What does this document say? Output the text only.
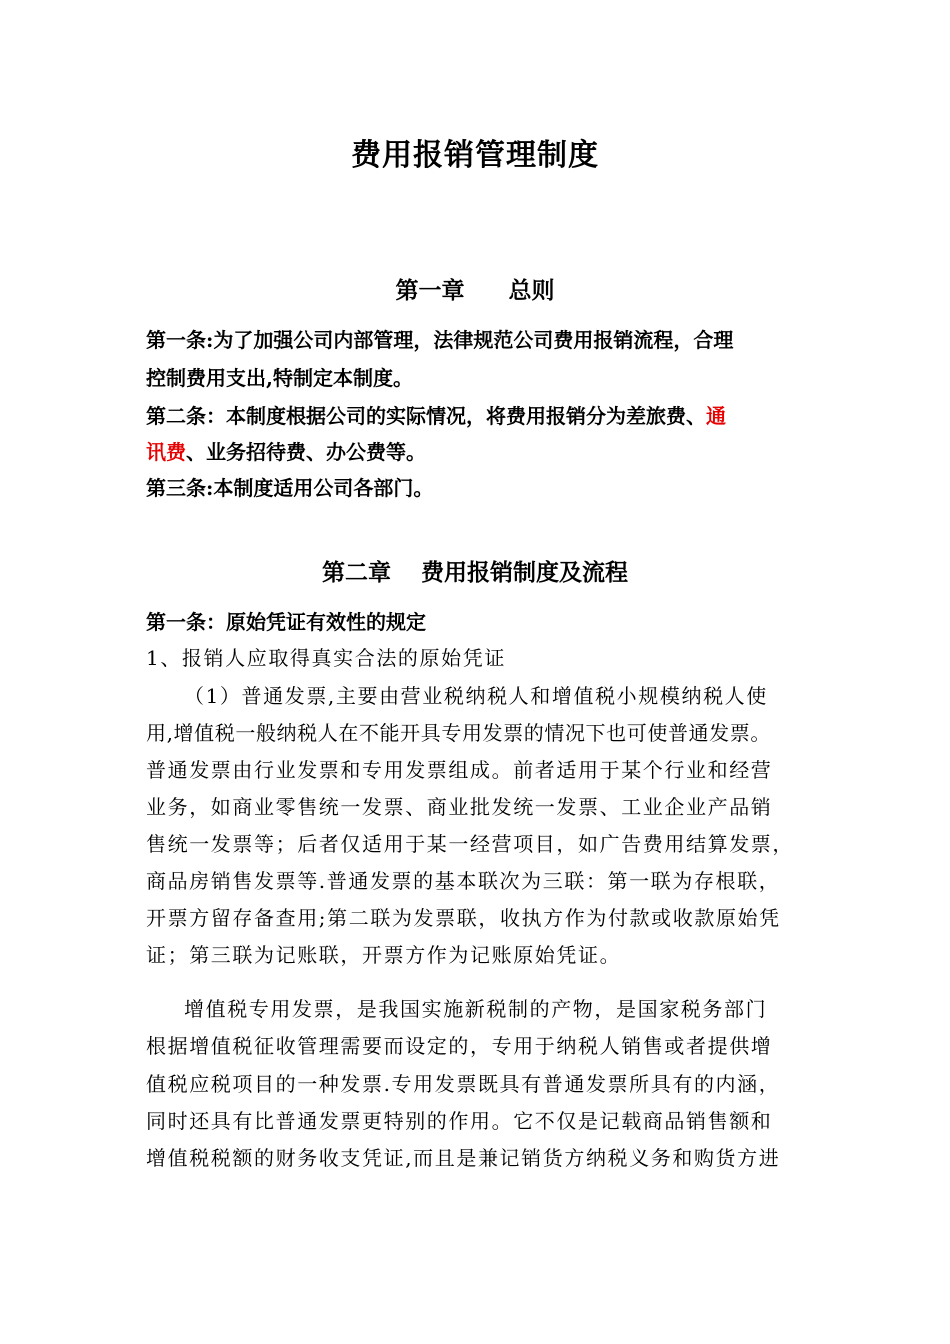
费用报销管理制度
第一章 总则
第一条:为了加强公司内部管理，法律规范公司费用报销流程，合理
控制费用支出,特制定本制度。
第二条：本制度根据公司的实际情况，将费用报销分为差旅费、通
讯费、业务招待费、办公费等。
第三条:本制度适用公司各部门。
第二章 费用报销制度及流程
第一条：原始凭证有效性的规定
1、报销人应取得真实合法的原始凭证
（1）普通发票,主要由营业税纳税人和增值税小规模纳税人使
用,增值税一般纳税人在不能开具专用发票的情况下也可使普通发票。
普通发票由行业发票和专用发票组成。前者适用于某个行业和经营
业务，如商业零售统一发票、商业批发统一发票、工业企业产品销
售统一发票等；后者仅适用于某一经营项目，如广告费用结算发票，
商品房销售发票等.普通发票的基本联次为三联：第一联为存根联，
开票方留存备查用;第二联为发票联，收执方作为付款或收款原始凭
证；第三联为记账联，开票方作为记账原始凭证。
增值税专用发票，是我国实施新税制的产物，是国家税务部门
根据增值税征收管理需要而设定的，专用于纳税人销售或者提供增
值税应税项目的一种发票.专用发票既具有普通发票所具有的内涵，
同时还具有比普通发票更特别的作用。它不仅是记载商品销售额和
增值税税额的财务收支凭证,而且是兼记销货方纳税义务和购货方进
